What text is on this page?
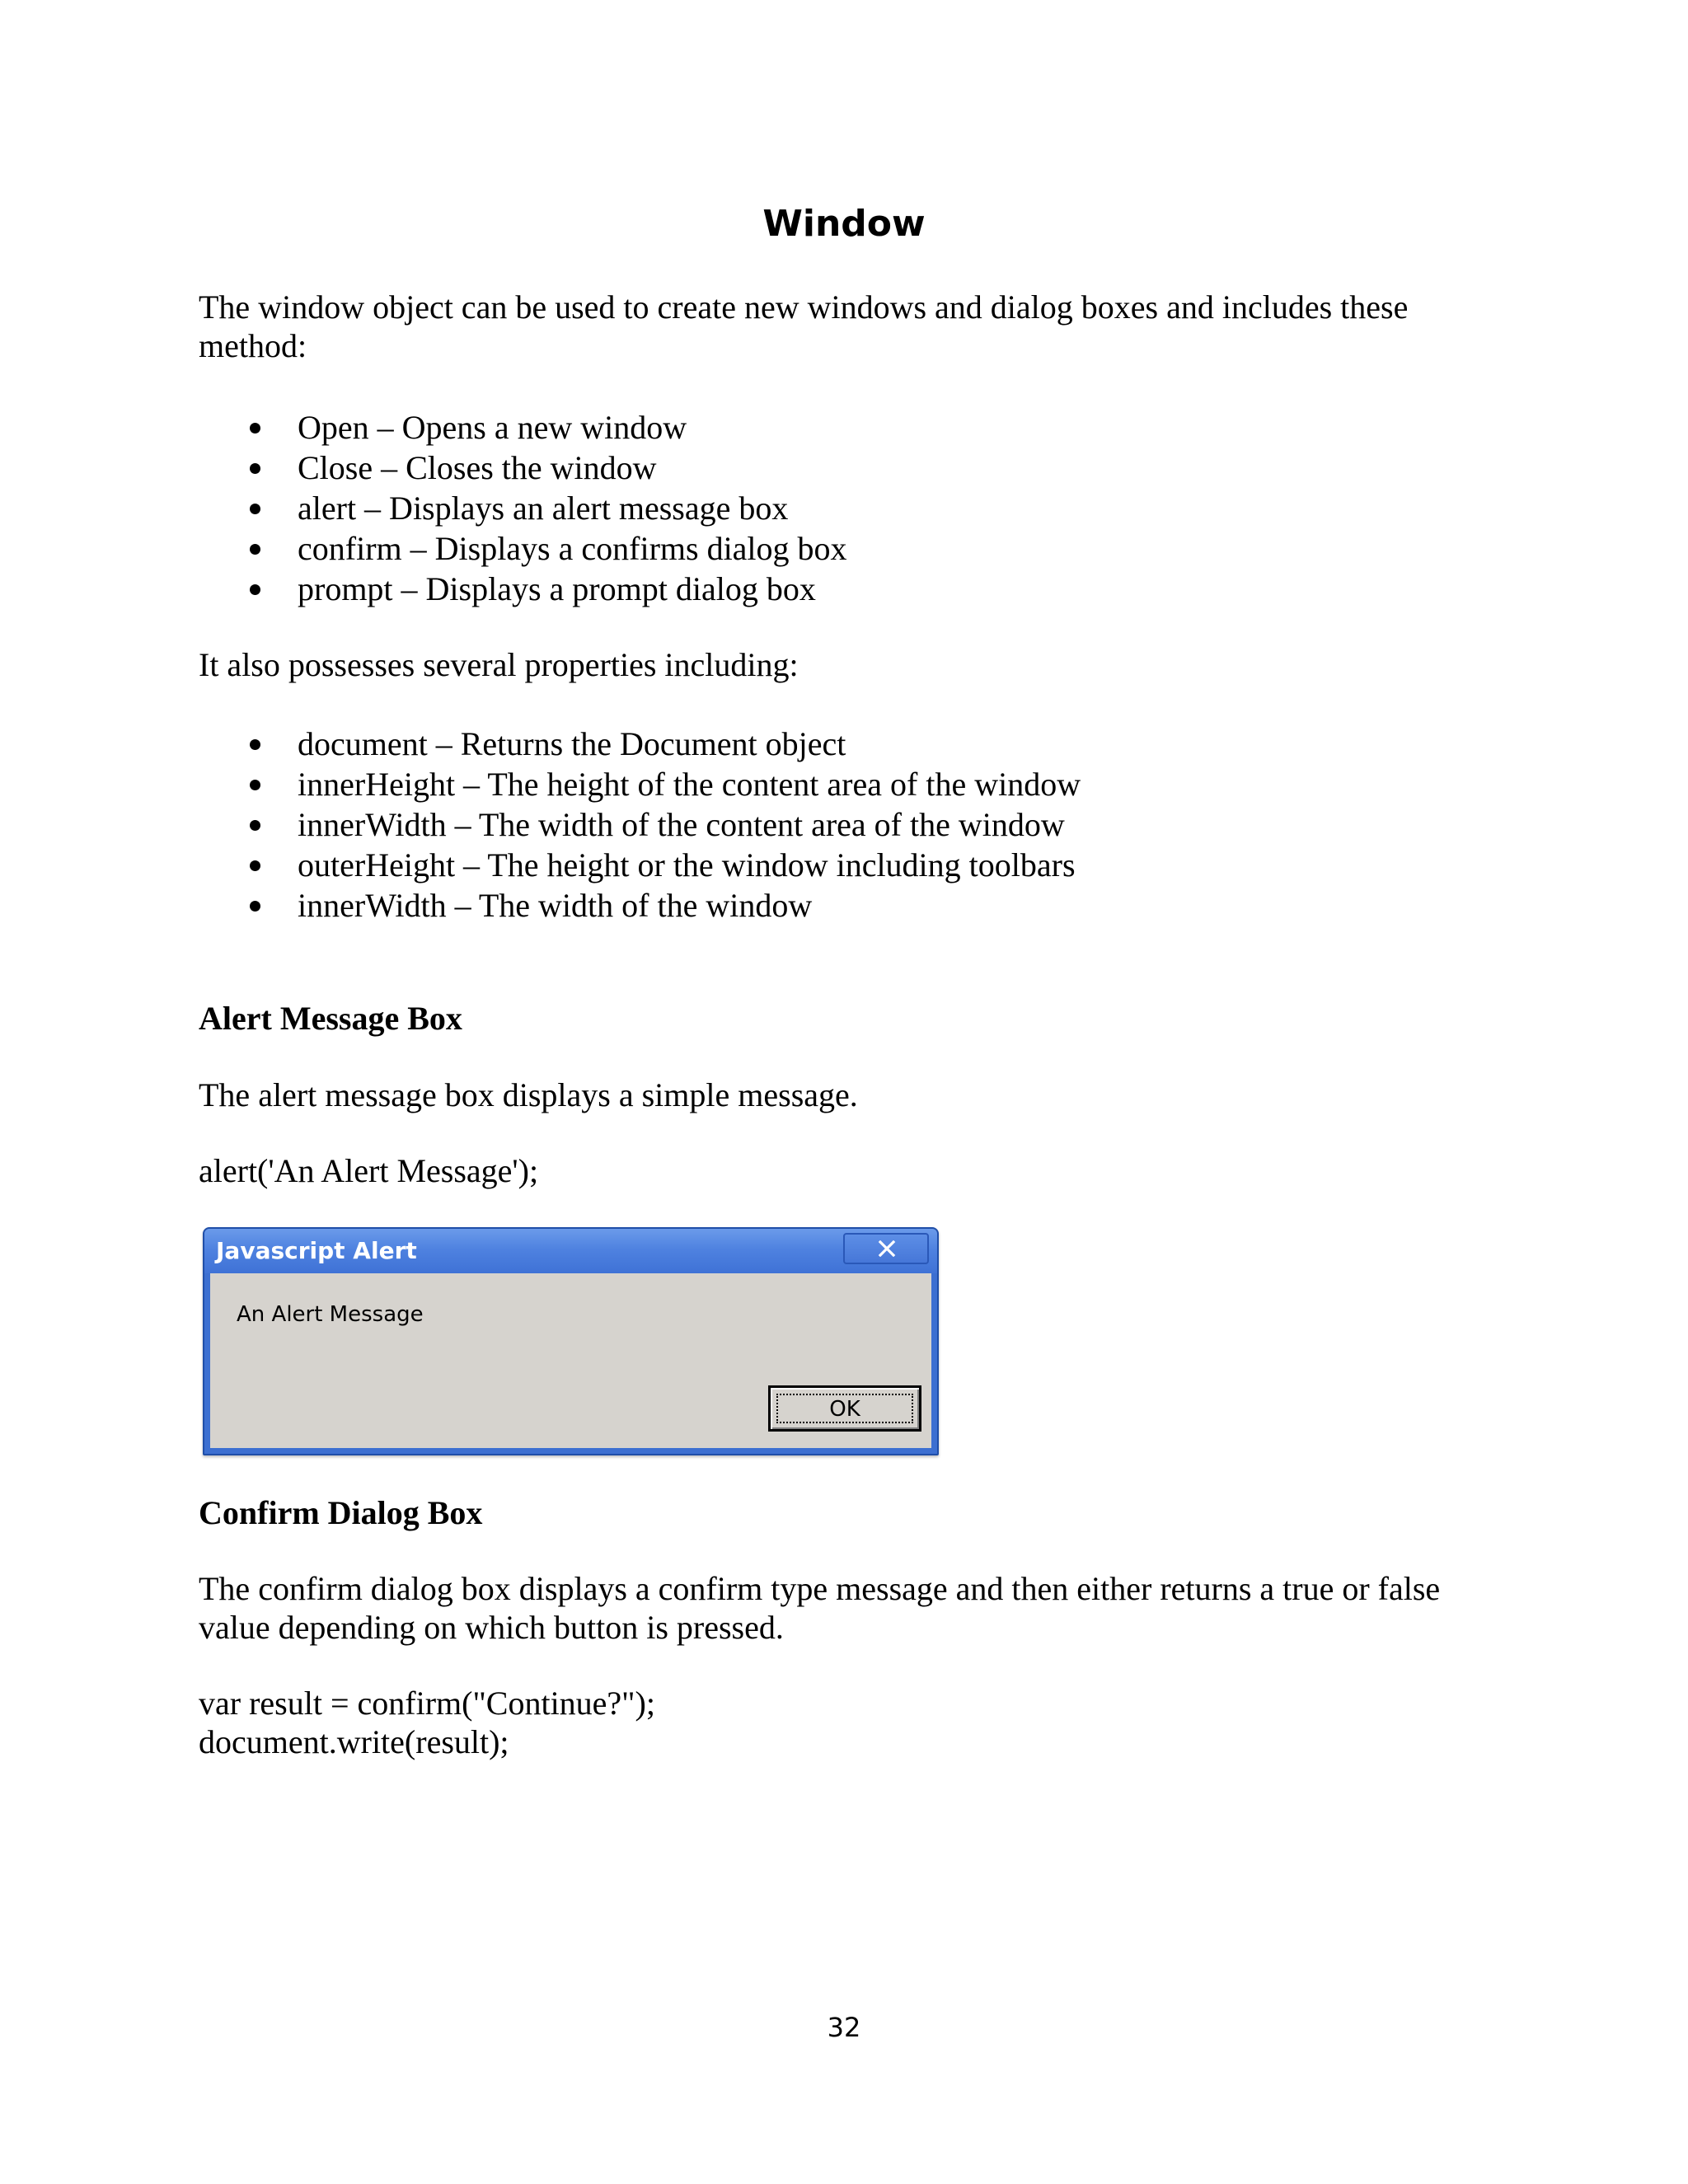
Window
The window object can be used to create new windows and dialog boxes and includes these method:
Open – Opens a new window
Close – Closes the window
alert – Displays an alert message box
confirm – Displays a confirms dialog box
prompt – Displays a prompt dialog box
It also possesses several properties including:
document – Returns the Document object
innerHeight – The height of the content area of the window
innerWidth – The width of the content area of the window
outerHeight – The height or the window including toolbars
innerWidth – The width of the window
Alert Message Box
The alert message box displays a simple message.
alert('An Alert Message');
Javascript Alert
An Alert Message
OK
Confirm Dialog Box
The confirm dialog box displays a confirm type message and then either returns a true or false value depending on which button is pressed.
var result = confirm("Continue?");
document.write(result);
32
